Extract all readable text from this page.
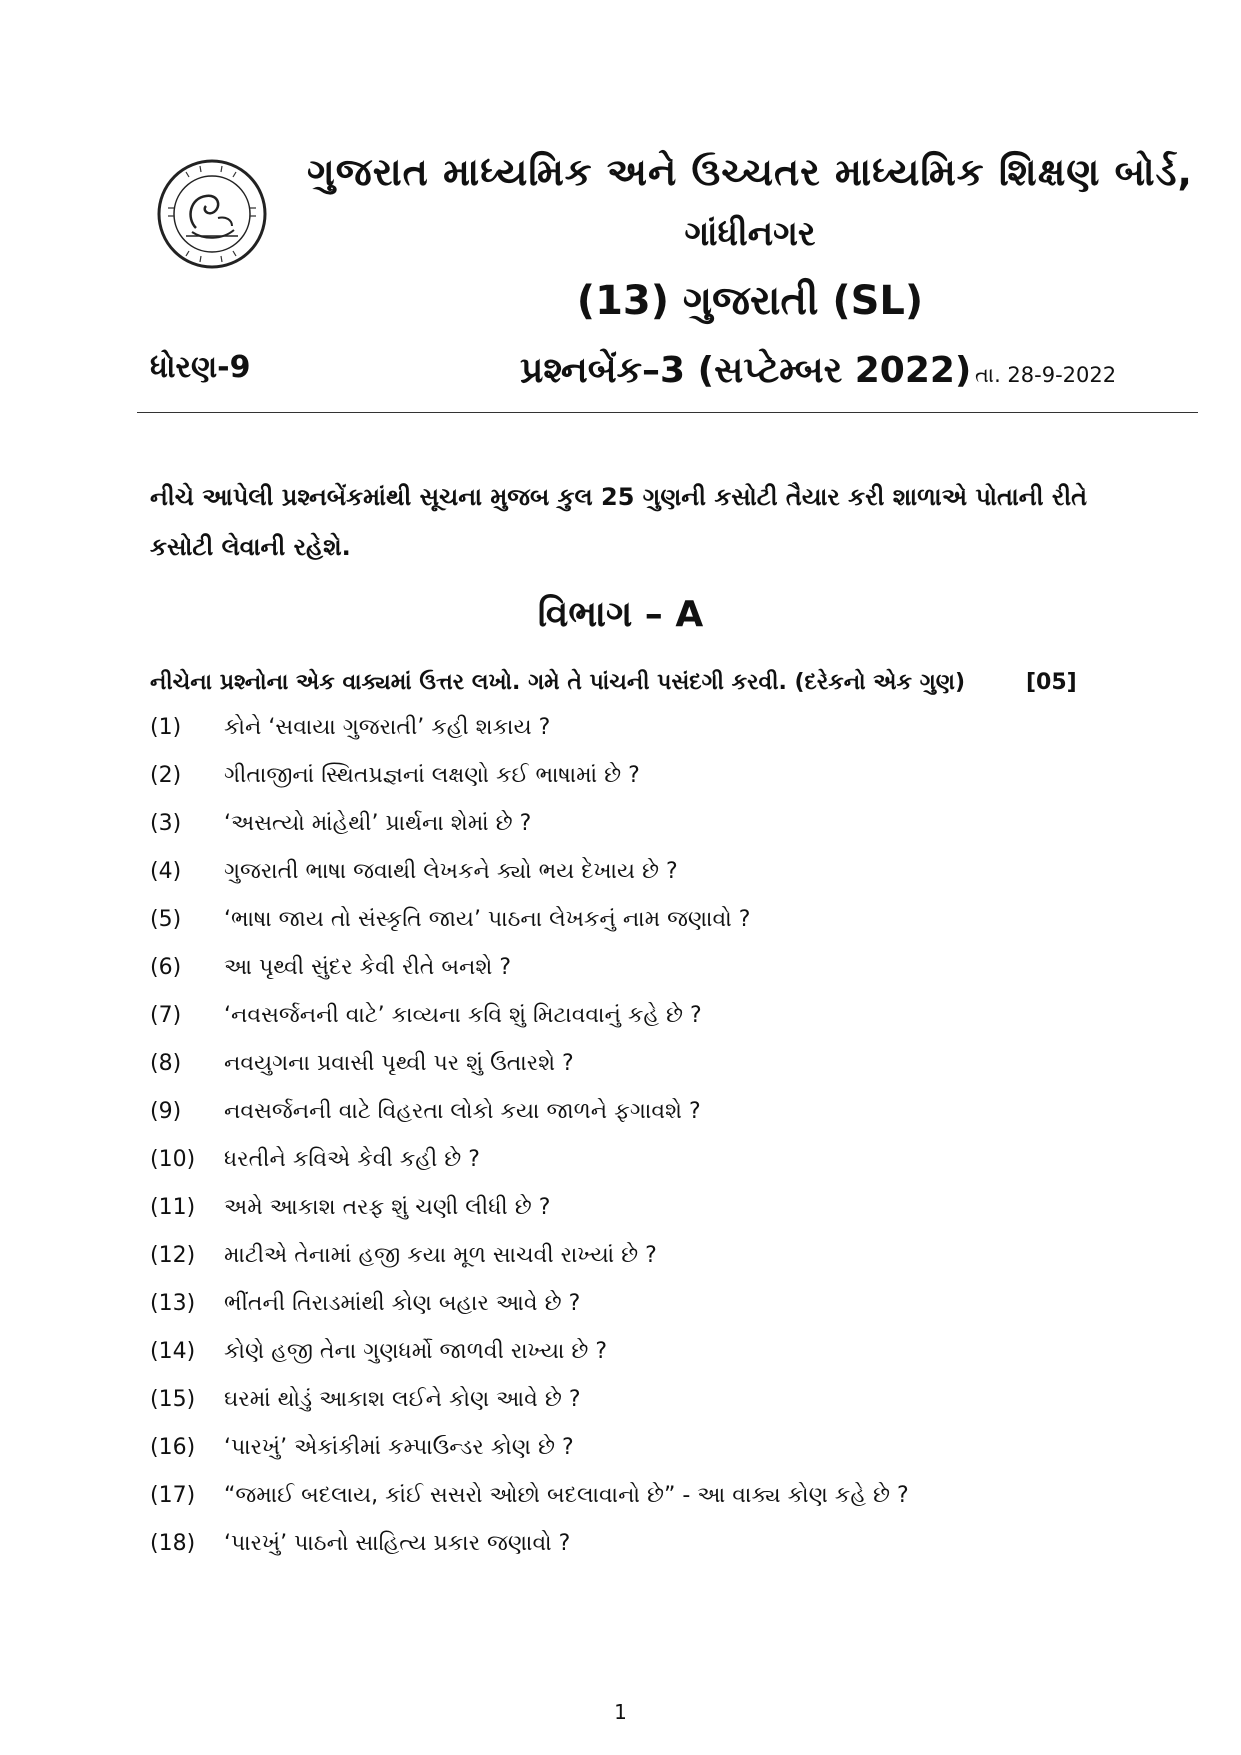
ગુજરાત માધ્યમિક અને ઉચ્ચતર માધ્યમિક શિક્ષણ બોર્ડ,
ગાંધીનગર
(13) ગુજરાતી (SL)
ધોરણ-9	પ્રશ્નબેંક–3 (સપ્ટેમ્બર 2022) તા. 28-9-2022
નીચે આપેલી પ્રશ્નબેંકમાંથી સૂચના મુજબ કુલ 25 ગુણની કસોટી તૈયાર કરી શાળાએ પોતાની રીતે કસોટી લેવાની રહેશે.
વિભાગ – A
નીચેના પ્રશ્નોના એક વાક્યમાં ઉત્તર લખો. ગમે તે પાંચની પસંદગી કરવી. (દરેકનો એક ગુણ)	[05]
(1) કોને ‘સવાયા ગુજરાતી’ કહી શકાય ?
(2) ગીતાજીનાં સ્થિતપ્રજ્ઞનાં લક્ષણો કઈ ભાષામાં છે ?
(3) ‘અસત્યો માંહેથી’ પ્રાર્થના શેમાં છે ?
(4) ગુજરાતી ભાષા જવાથી લેખકને ક્યો ભય દેખાય છે ?
(5) ‘ભાષા જાય તો સંસ્કૃતિ જાય’ પાઠના લેખકનું નામ જણાવો ?
(6) આ પૃથ્વી સુંદર કેવી રીતે બનશે ?
(7) ‘નવસર્જનની વાટે’ કાવ્યના કવિ શું મિટાવવાનું કહે છે ?
(8) નવયુગના પ્રવાસી પૃથ્વી પર શું ઉતારશે ?
(9) નવસર્જનની વાટે વિહરતા લોકો કયા જાળને ફગાવશે ?
(10) ધરતીને કવિએ કેવી કહી છે ?
(11) અમે આકાશ તરફ શું ચણી લીધી છે ?
(12) માટીએ તેનામાં હજી કયા મૂળ સાચવી રાખ્યાં છે ?
(13) ભીંતની તિરાડમાંથી કોણ બહાર આવે છે ?
(14) કોણે હજી તેના ગુણધર્મો જાળવી રાખ્યા છે ?
(15) ઘરમાં થોડું આકાશ લઈને કોણ આવે છે ?
(16) ‘પારખું’ એકાંકીમાં કમ્પાઉન્ડર કોણ છે ?
(17) “જમાઈ બદલાય, કાંઈ સસરો ઓછો બદલાવાનો છે” - આ વાક્ય કોણ કહે છે ?
(18) ‘પારખું’ પાઠનો સાહિત્ય પ્રકાર જણાવો ?
1
